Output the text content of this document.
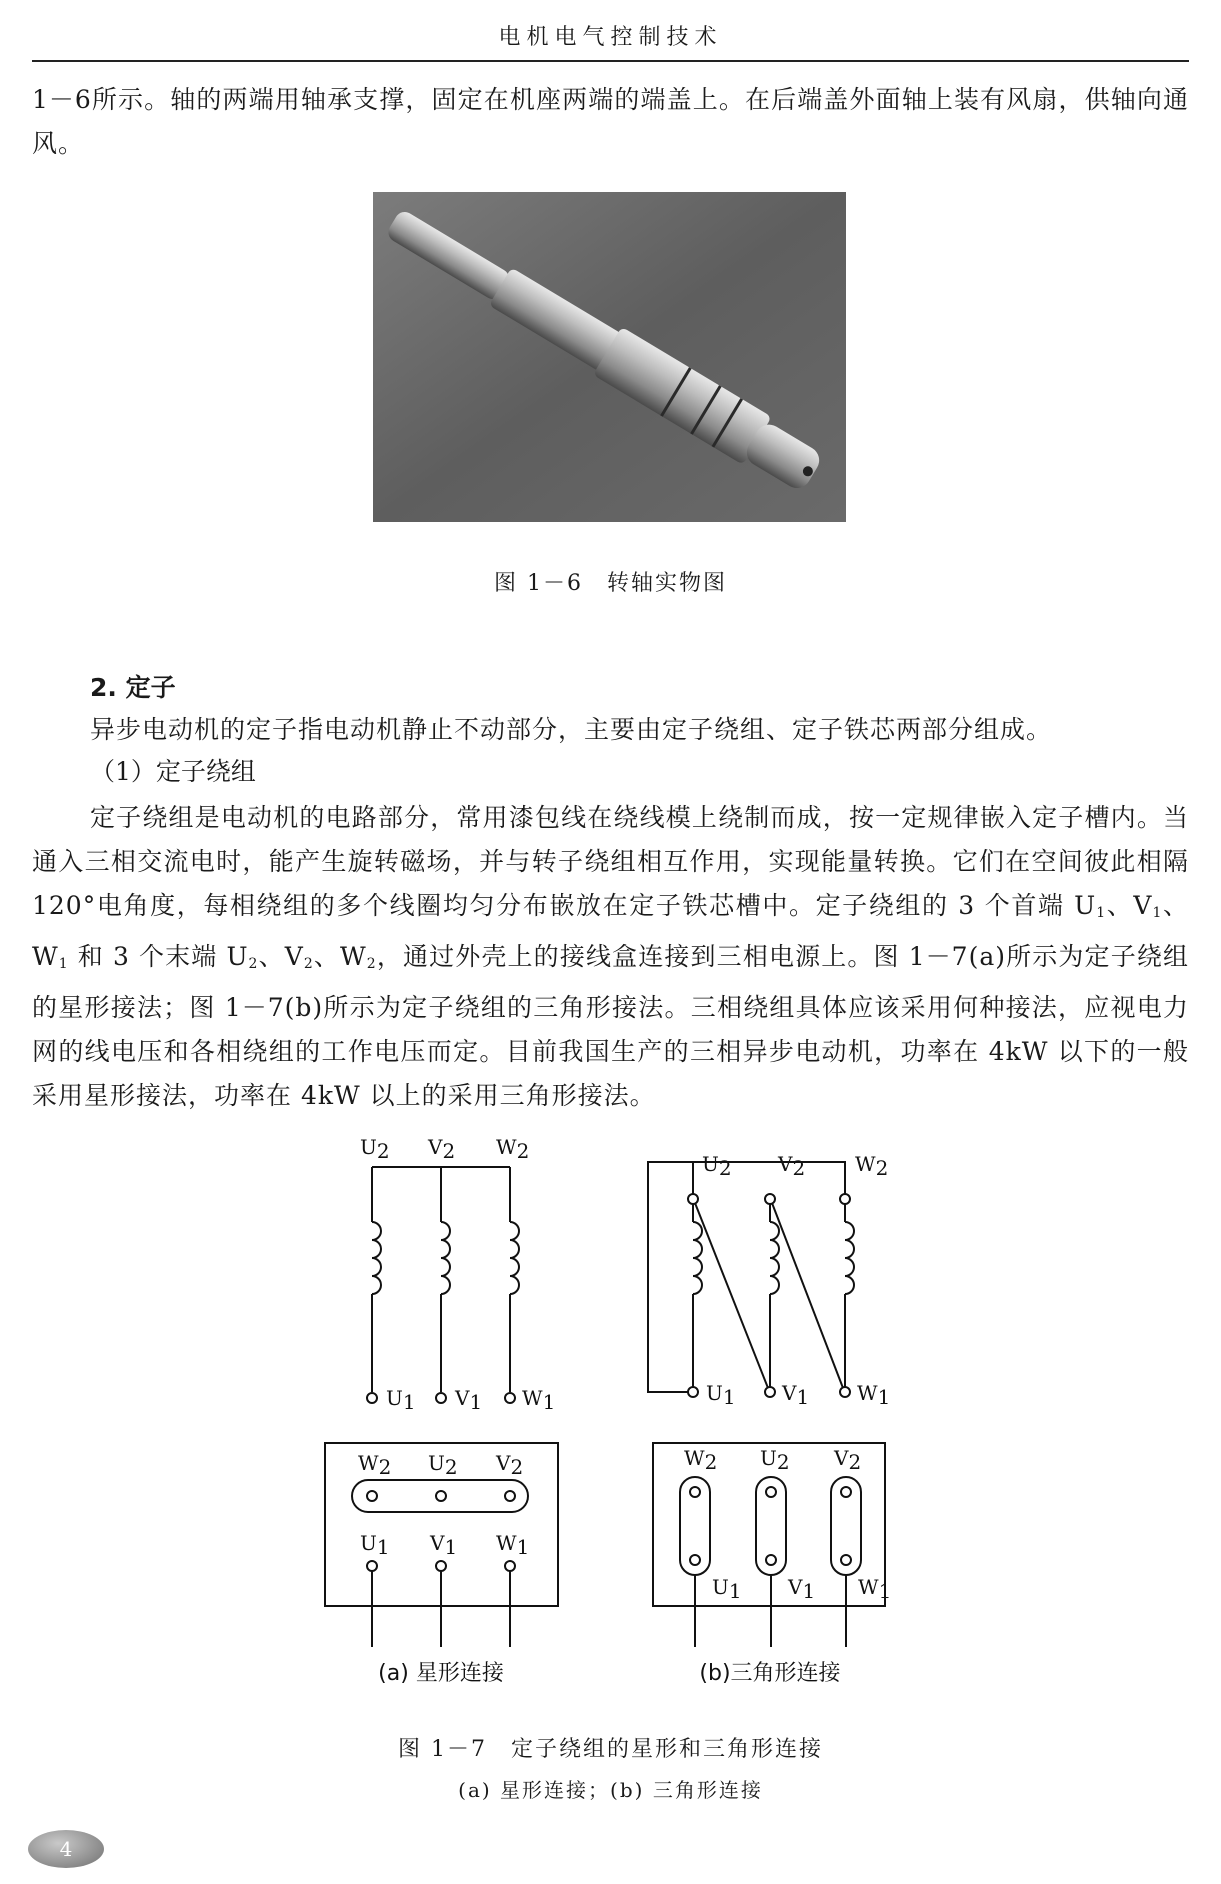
电机电气控制技术
1－6所示。轴的两端用轴承支撑，固定在机座两端的端盖上。在后端盖外面轴上装有风扇，供轴向通风。
图 1－6　转轴实物图
2. 定子
异步电动机的定子指电动机静止不动部分，主要由定子绕组、定子铁芯两部分组成。
（1）定子绕组
定子绕组是电动机的电路部分，常用漆包线在绕线模上绕制而成，按一定规律嵌入定子槽内。当通入三相交流电时，能产生旋转磁场，并与转子绕组相互作用，实现能量转换。它们在空间彼此相隔 120°电角度，每相绕组的多个线圈均匀分布嵌放在定子铁芯槽中。定子绕组的 3 个首端 $U_1$、$V_1$、$W_1$ 和 3 个末端 $U_2$、$V_2$、$W_2$，通过外壳上的接线盒连接到三相电源上。图 1－7(a)所示为定子绕组的星形接法；图 1－7(b)所示为定子绕组的三角形接法。三相绕组具体应该采用何种接法，应视电力网的线电压和各相绕组的工作电压而定。目前我国生产的三相异步电动机，功率在 4kW 以下的一般采用星形接法，功率在 4kW 以上的采用三角形接法。
U2 V2 W2
U1 V1 W1
W2 U2 V2
U1 V1 W1
U2 V2 W2
U1 V1 W1
W2 U2 V2
U1 V1 W1
(a) 星形连接	(b)三角形连接
图 1－7　定子绕组的星形和三角形连接
(a) 星形连接；(b) 三角形连接
4
